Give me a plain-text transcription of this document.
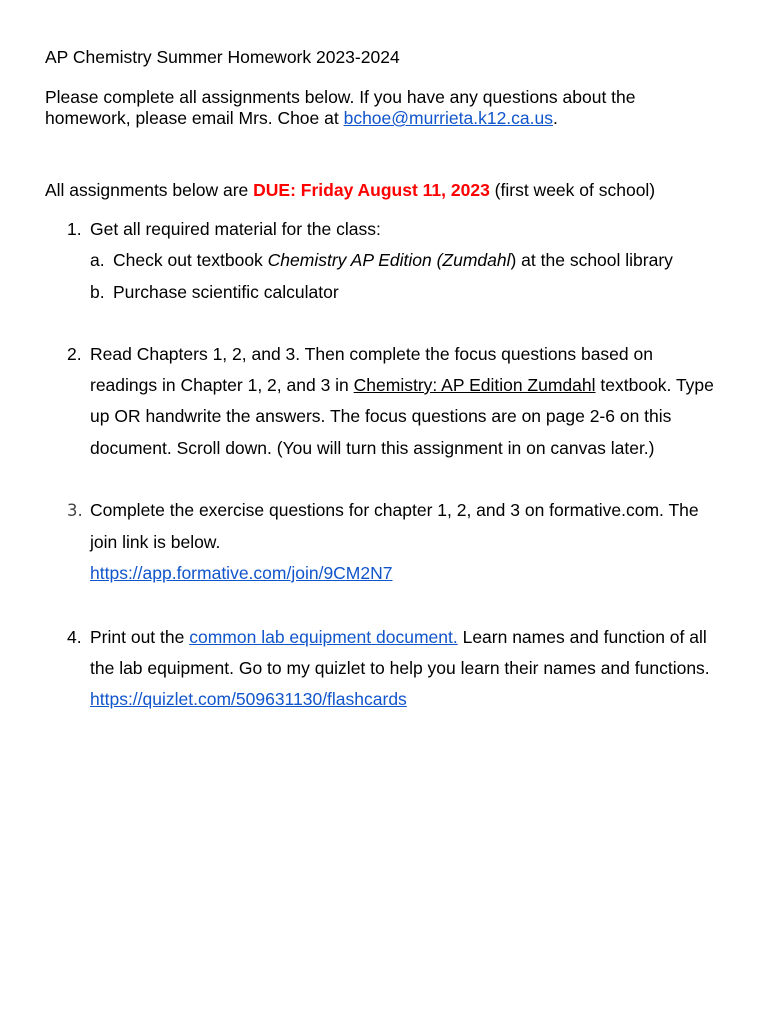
AP Chemistry Summer Homework 2023-2024
Please complete all assignments below. If you have any questions about the
homework, please email Mrs. Choe at bchoe@murrieta.k12.ca.us.
All assignments below are DUE: Friday August 11, 2023 (first week of school)
1. Get all required material for the class:
a. Check out textbook Chemistry AP Edition (Zumdahl) at the school library
b. Purchase scientific calculator
2. Read Chapters 1, 2, and 3. Then complete the focus questions based on
readings in Chapter 1, 2, and 3 in Chemistry: AP Edition Zumdahl textbook. Type
up OR handwrite the answers. The focus questions are on page 2-6 on this
document. Scroll down. (You will turn this assignment in on canvas later.)
3. Complete the exercise questions for chapter 1, 2, and 3 on formative.com. The
join link is below.
https://app.formative.com/join/9CM2N7
4. Print out the common lab equipment document. Learn names and function of all
the lab equipment. Go to my quizlet to help you learn their names and functions.
https://quizlet.com/509631130/flashcards
